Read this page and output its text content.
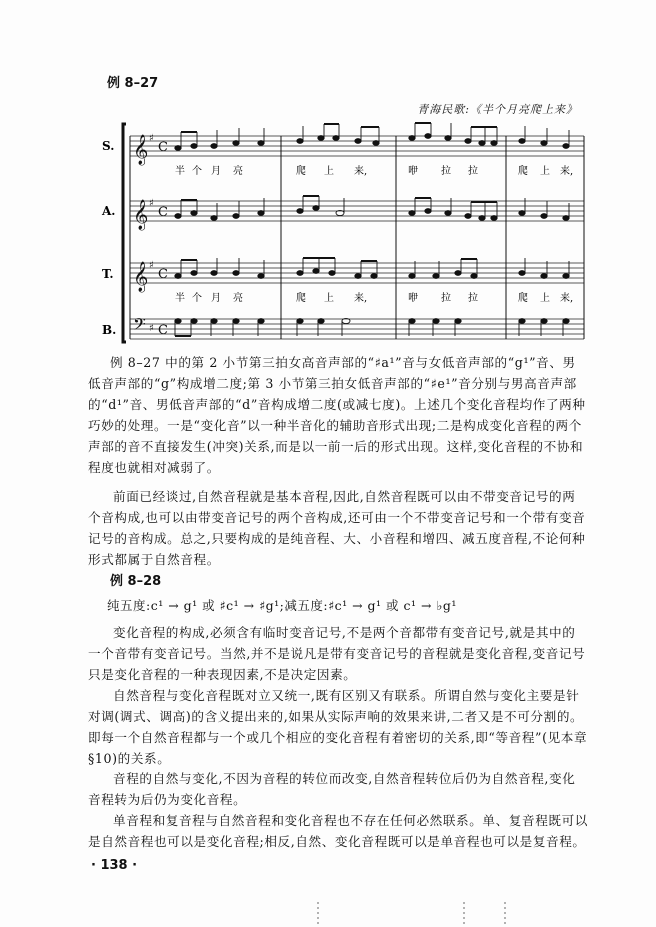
例 8–27
青海民歌:《半个月亮爬上来》
S.
A.
T.
B.
𝄞
𝄞
𝄞
𝄢
♯
♯
♯
♯
C
C
C
C
半 个 月 亮	爬 上 来,	咿 拉 拉	爬 上 来,
半 个 月 亮	爬 上 来,	咿 拉 拉	爬 上 来,

例 8–27 中的第 2 小节第三拍女高音声部的“♯a¹”音与女低音声部的“g¹”音、男低音声部的“g”构成增二度;第 3 小节第三拍女低音声部的“♯e¹”音分别与男高音声部的“d¹”音、男低音声部的“d”音构成增二度(或减七度)。上述几个变化音程均作了两种巧妙的处理。一是“变化音”以一种半音化的辅助音形式出现;二是构成变化音程的两个声部的音不直接发生(冲突)关系,而是以一前一后的形式出现。这样,变化音程的不协和程度也就相对减弱了。

前面已经谈过,自然音程就是基本音程,因此,自然音程既可以由不带变音记号的两个音构成,也可以由带变音记号的两个音构成,还可由一个不带变音记号和一个带有变音记号的音构成。总之,只要构成的是纯音程、大、小音程和增四、减五度音程,不论何种形式都属于自然音程。

例 8–28
纯五度:c¹ → g¹ 或 ♯c¹ → ♯g¹;减五度:♯c¹ → g¹ 或 c¹ → ♭g¹

变化音程的构成,必须含有临时变音记号,不是两个音都带有变音记号,就是其中的一个音带有变音记号。当然,并不是说凡是带有变音记号的音程就是变化音程,变音记号只是变化音程的一种表现因素,不是决定因素。

自然音程与变化音程既对立又统一,既有区别又有联系。所谓自然与变化主要是针对调(调式、调高)的含义提出来的,如果从实际声响的效果来讲,二者又是不可分割的。即每一个自然音程都与一个或几个相应的变化音程有着密切的关系,即“等音程”(见本章§10)的关系。

音程的自然与变化,不因为音程的转位而改变,自然音程转位后仍为自然音程,变化音程转为后仍为变化音程。

单音程和复音程与自然音程和变化音程也不存在任何必然联系。单、复音程既可以是自然音程也可以是变化音程;相反,自然、变化音程既可以是单音程也可以是复音程。

· 138 ·
